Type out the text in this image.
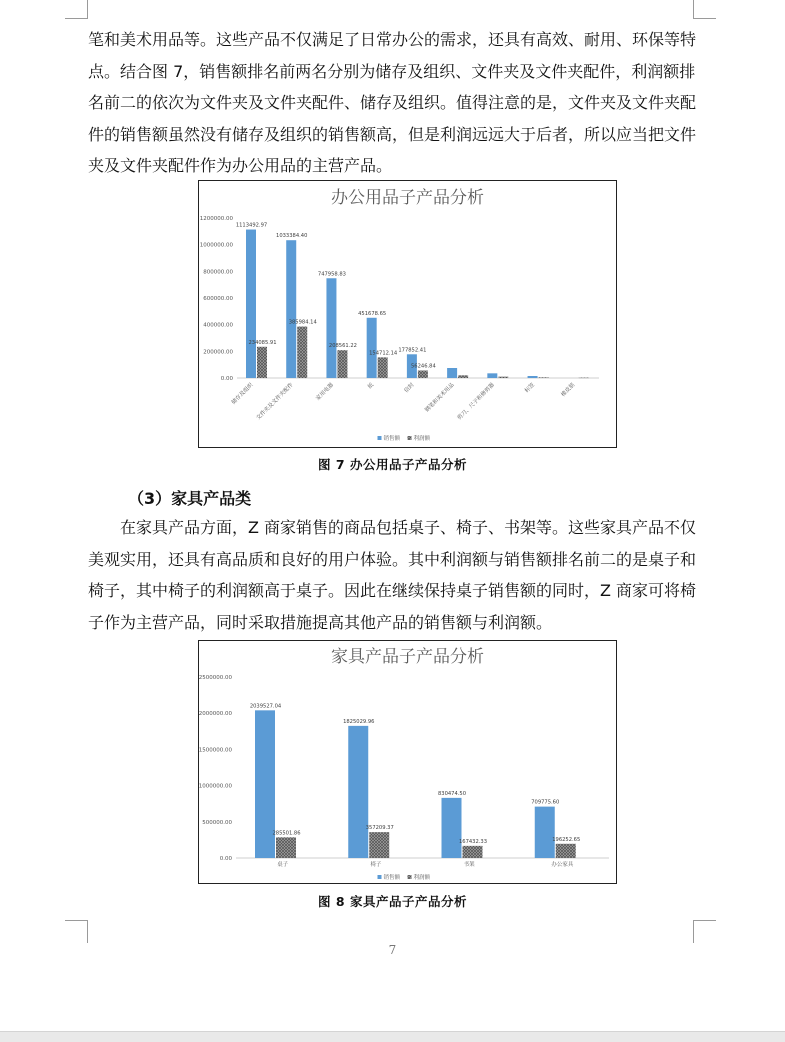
笔和美术用品等。这些产品不仅满足了日常办公的需求，还具有高效、耐用、环保等特点。结合图 7，销售额排名前两名分别为储存及组织、文件夹及文件夹配件，利润额排名前二的依次为文件夹及文件夹配件、储存及组织。值得注意的是，文件夹及文件夹配件的销售额虽然没有储存及组织的销售额高，但是利润远远大于后者，所以应当把文件夹及文件夹配件作为办公用品的主营产品。

办公用品子产品分析
0.00
200000.00
400000.00
600000.00
800000.00
1000000.00
1200000.00
1113492.97
234085.91
储存及组织
1033384.40
385984.14
文件夹及文件夹配件
747958.83
208561.22
家用电器
451678.65
154712.14
纸
177852.41
56246.84
信封 钢笔和美术用品 剪刀、尺子和修剪器	标签	橡皮筋
销售额 利润额
图 7 办公用品子产品分析
（3）家具产品类

　　在家具产品方面，Z 商家销售的商品包括桌子、椅子、书架等。这些家具产品不仅美观实用，还具有高品质和良好的用户体验。其中利润额与销售额排名前二的是桌子和椅子，其中椅子的利润额高于桌子。因此在继续保持桌子销售额的同时，Z 商家可将椅子作为主营产品，同时采取措施提高其他产品的销售额与利润额。

家具产品子产品分析
0.00
500000.00
1000000.00
1500000.00
2000000.00
2500000.00
2039527.04
285501.86
桌子
1825029.96
357209.37
椅子
830474.50
167432.33
书架
709775.60
196252.65
办公家具
销售额 利润额
图 8 家具产品子产品分析
7
